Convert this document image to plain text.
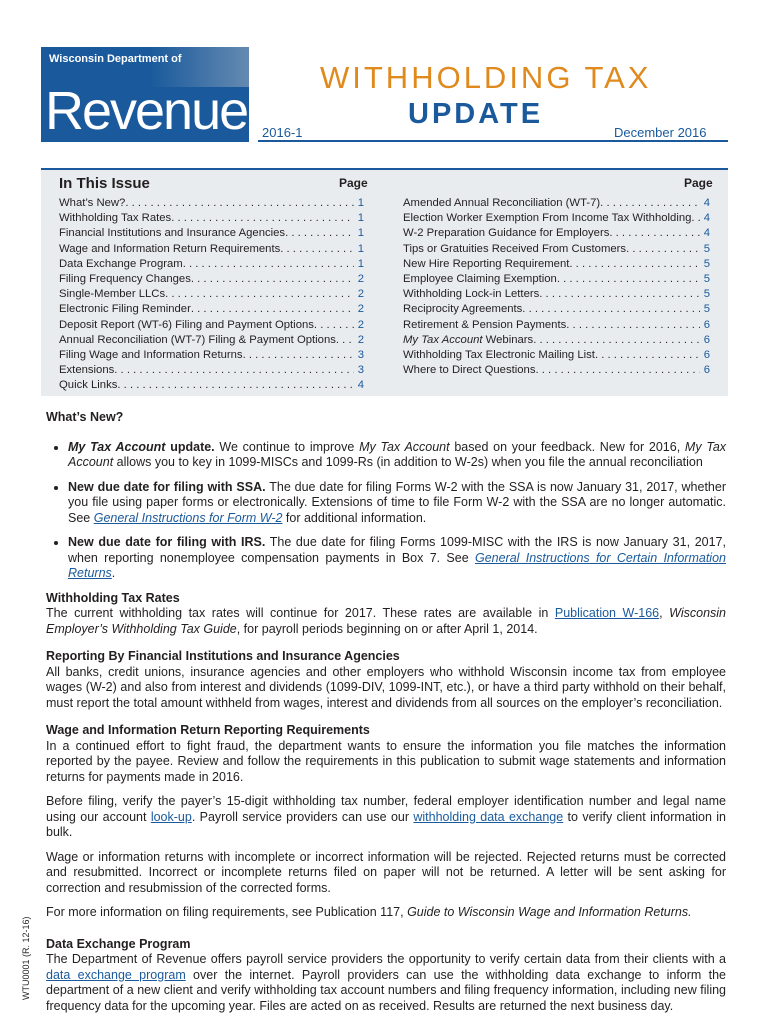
Wisconsin Department of
Revenue
WITHHOLDING TAX
UPDATE
2016-1	December 2016
In This Issue	Page	Page
What’s New? . . .	1
Withholding Tax Rates . . .	1
Financial Institutions and Insurance Agencies . . .	1
Wage and Information Return Requirements . . .	1
Data Exchange Program . . .	1
Filing Frequency Changes . . .	2
Single-Member LLCs . . .	2
Electronic Filing Reminder . . .	2
Deposit Report (WT-6) Filing and Payment Options . . .	2
Annual Reconciliation (WT-7) Filing & Payment Options . . .	2
Filing Wage and Information Returns . . .	3
Extensions . . .	3
Quick Links . . .	4
Amended Annual Reconciliation (WT-7) . . .	4
Election Worker Exemption From Income Tax Withholding . . .	4
W-2 Preparation Guidance for Employers . . .	4
Tips or Gratuities Received From Customers . . .	5
New Hire Reporting Requirement . . .	5
Employee Claiming Exemption . . .	5
Withholding Lock-in Letters . . .	5
Reciprocity Agreements . . .	5
Retirement & Pension Payments . . .	6
My Tax Account Webinars . . .	6
Withholding Tax Electronic Mailing List . . .	6
Where to Direct Questions . . .	6

What’s New?

• My Tax Account update. We continue to improve My Tax Account based on your feedback. New for 2016, My Tax Account allows you to key in 1099-MISCs and 1099-Rs (in addition to W-2s) when you file the annual reconciliation
• New due date for filing with SSA. The due date for filing Forms W-2 with the SSA is now January 31, 2017, whether you file using paper forms or electronically. Extensions of time to file Form W-2 with the SSA are no longer automatic. See General Instructions for Form W-2 for additional information.
• New due date for filing with IRS. The due date for filing Forms 1099-MISC with the IRS is now January 31, 2017, when reporting nonemployee compensation payments in Box 7. See General Instructions for Certain Information Returns.

Withholding Tax Rates

The current withholding tax rates will continue for 2017. These rates are available in Publication W-166, Wisconsin Employer’s Withholding Tax Guide, for payroll periods beginning on or after April 1, 2014.

Reporting By Financial Institutions and Insurance Agencies

All banks, credit unions, insurance agencies and other employers who withhold Wisconsin income tax from employee wages (W-2) and also from interest and dividends (1099-DIV, 1099-INT, etc.), or have a third party withhold on their behalf, must report the total amount withheld from wages, interest and dividends from all sources on the employer’s reconciliation.

Wage and Information Return Reporting Requirements

In a continued effort to fight fraud, the department wants to ensure the information you file matches the information reported by the payee. Review and follow the requirements in this publication to submit wage statements and information returns for payments made in 2016.

Before filing, verify the payer’s 15-digit withholding tax number, federal employer identification number and legal name using our account look-up. Payroll service providers can use our withholding data exchange to verify client information in bulk.

Wage or information returns with incomplete or incorrect information will be rejected. Rejected returns must be corrected and resubmitted. Incorrect or incomplete returns filed on paper will not be returned. A letter will be sent asking for correction and resubmission of the corrected forms.

For more information on filing requirements, see Publication 117, Guide to Wisconsin Wage and Information Returns.

Data Exchange Program

The Department of Revenue offers payroll service providers the opportunity to verify certain data from their clients with a data exchange program over the internet. Payroll providers can use the withholding data exchange to inform the department of a new client and verify withholding tax account numbers and filing frequency information, including new filing frequency data for the upcoming year. Files are acted on as received. Results are returned the next business day.

WTU0001 (R. 12-16)
